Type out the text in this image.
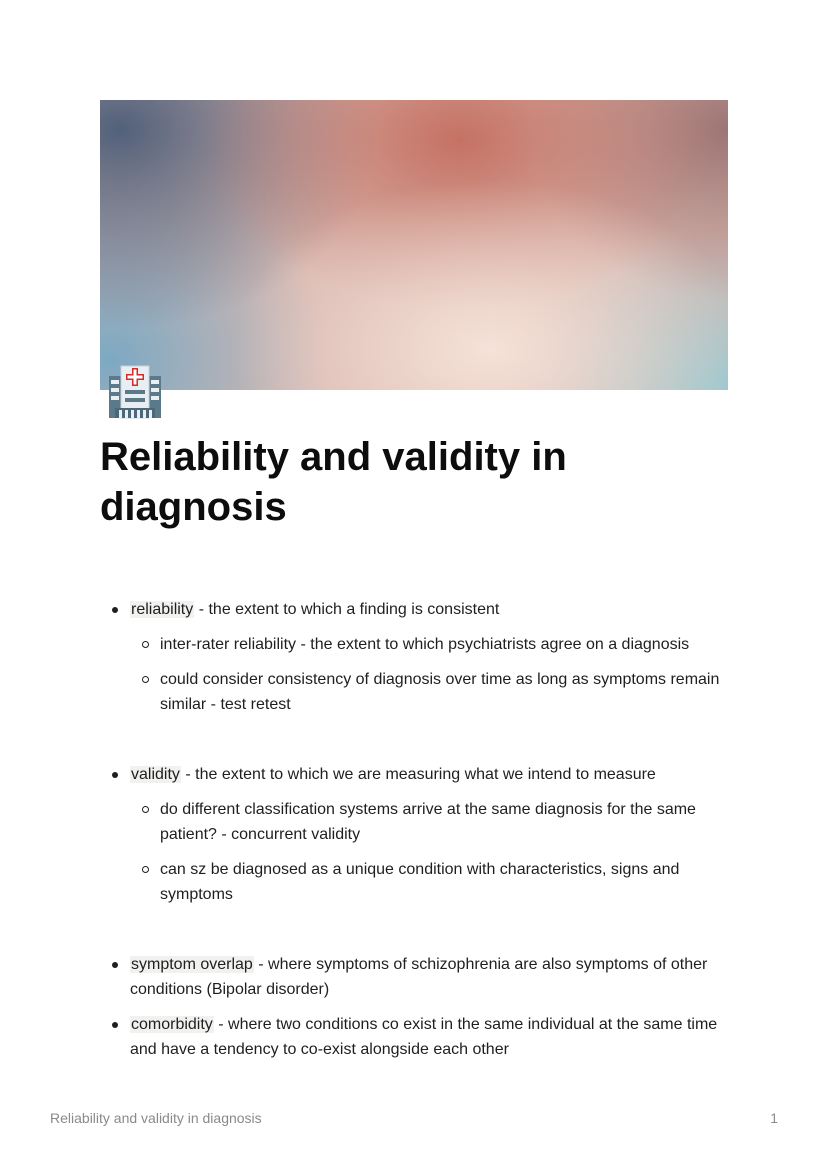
Reliability and validity in diagnosis
reliability - the extent to which a finding is consistent
inter-rater reliability - the extent to which psychiatrists agree on a diagnosis
could consider consistency of diagnosis over time as long as symptoms remain similar - test retest
validity - the extent to which we are measuring what we intend to measure
do different classification systems arrive at the same diagnosis for the same patient? - concurrent validity
can sz be diagnosed as a unique condition with characteristics, signs and symptoms
symptom overlap - where symptoms of schizophrenia are also symptoms of other conditions (Bipolar disorder)
comorbidity - where two conditions co exist in the same individual at the same time and have a tendency to co-exist alongside each other
Reliability and validity in diagnosis	1
